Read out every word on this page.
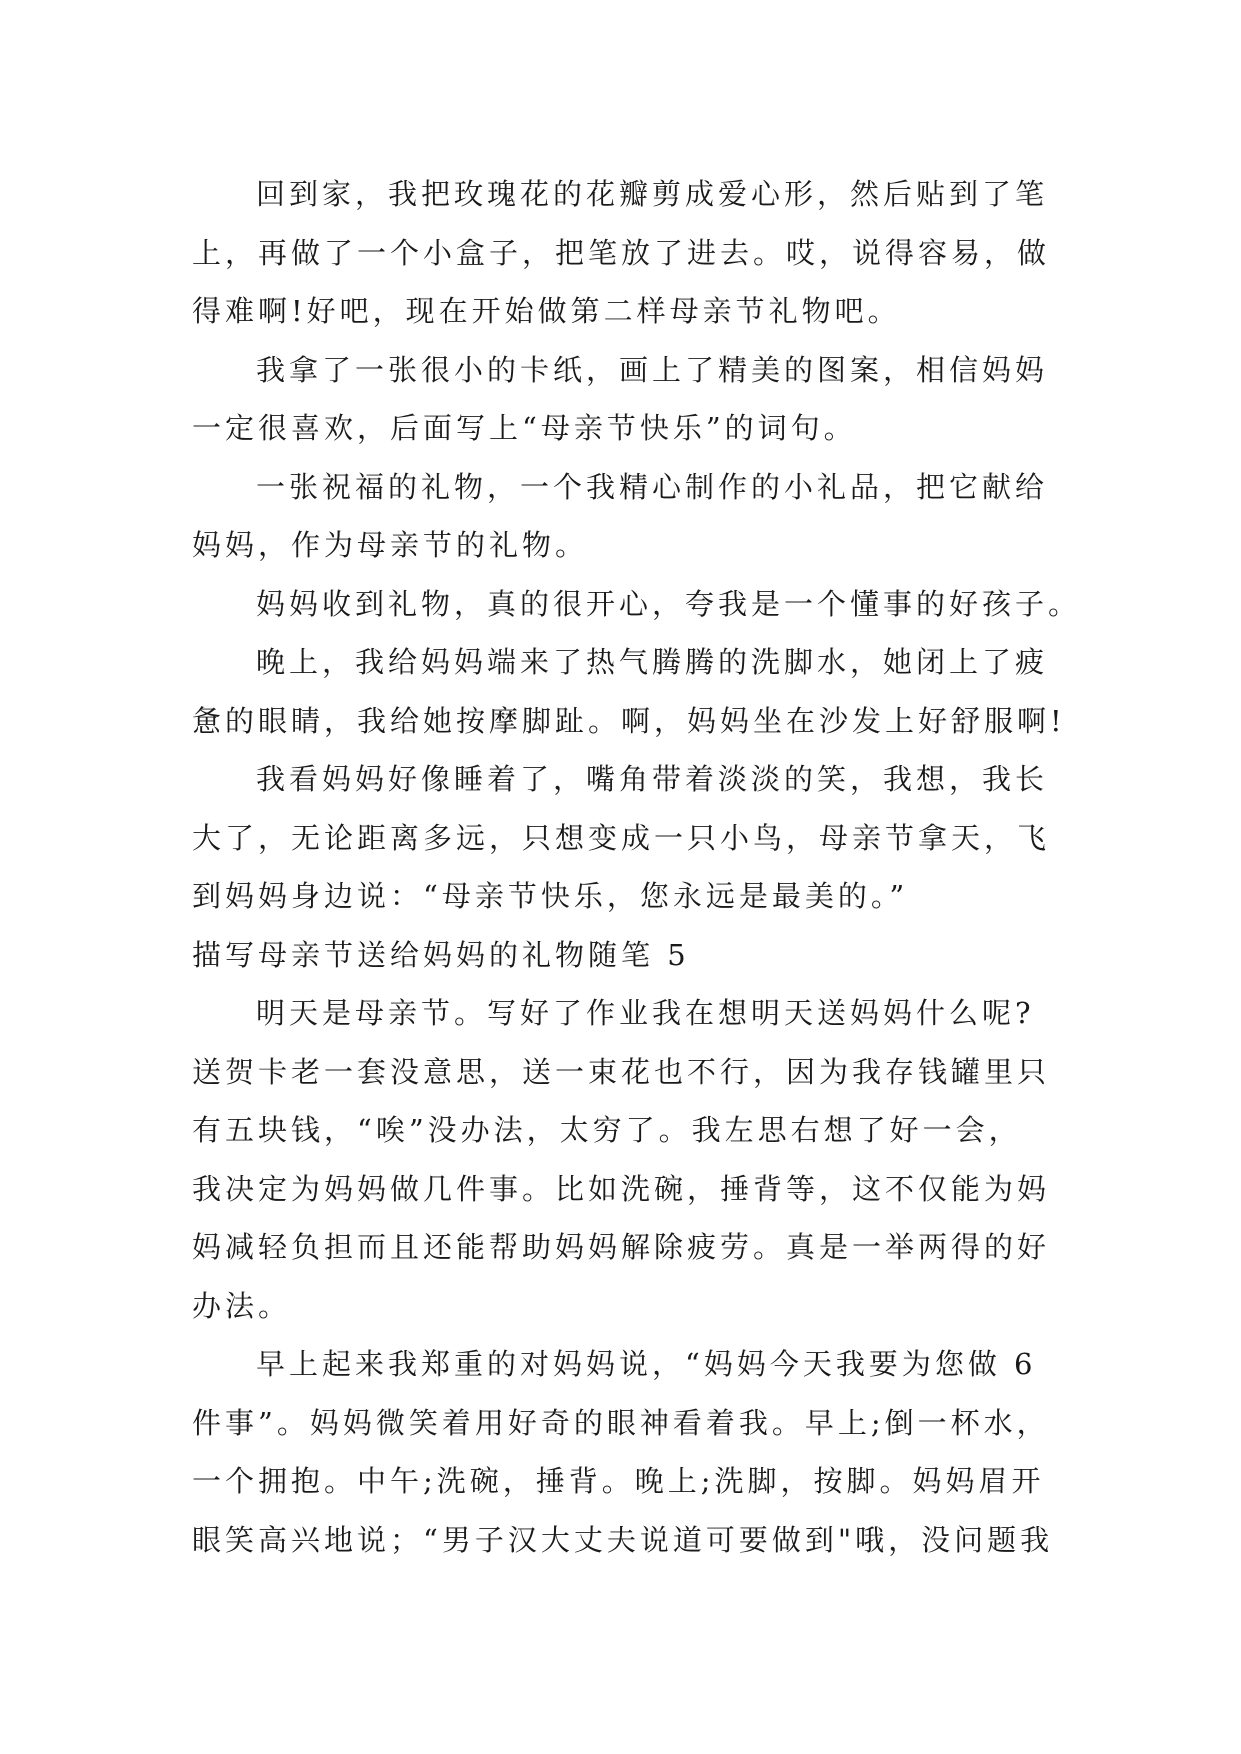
回到家，我把玫瑰花的花瓣剪成爱心形，然后贴到了笔
上，再做了一个小盒子，把笔放了进去。哎，说得容易，做
得难啊!好吧，现在开始做第二样母亲节礼物吧。
我拿了一张很小的卡纸，画上了精美的图案，相信妈妈
一定很喜欢，后面写上“母亲节快乐”的词句。
一张祝福的礼物，一个我精心制作的小礼品，把它献给
妈妈，作为母亲节的礼物。
妈妈收到礼物，真的很开心，夸我是一个懂事的好孩子。
晚上，我给妈妈端来了热气腾腾的洗脚水，她闭上了疲
惫的眼睛，我给她按摩脚趾。啊，妈妈坐在沙发上好舒服啊!
我看妈妈好像睡着了，嘴角带着淡淡的笑，我想，我长
大了，无论距离多远，只想变成一只小鸟，母亲节拿天，飞
到妈妈身边说：“母亲节快乐，您永远是最美的。”
描写母亲节送给妈妈的礼物随笔 5
明天是母亲节。写好了作业我在想明天送妈妈什么呢?
送贺卡老一套没意思，送一束花也不行，因为我存钱罐里只
有五块钱，“唉”没办法，太穷了。我左思右想了好一会，
我决定为妈妈做几件事。比如洗碗，捶背等，这不仅能为妈
妈减轻负担而且还能帮助妈妈解除疲劳。真是一举两得的好
办法。
早上起来我郑重的对妈妈说，“妈妈今天我要为您做 6
件事”。妈妈微笑着用好奇的眼神看着我。早上;倒一杯水，
一个拥抱。中午;洗碗，捶背。晚上;洗脚，按脚。妈妈眉开
眼笑高兴地说；“男子汉大丈夫说道可要做到"哦，没问题我
